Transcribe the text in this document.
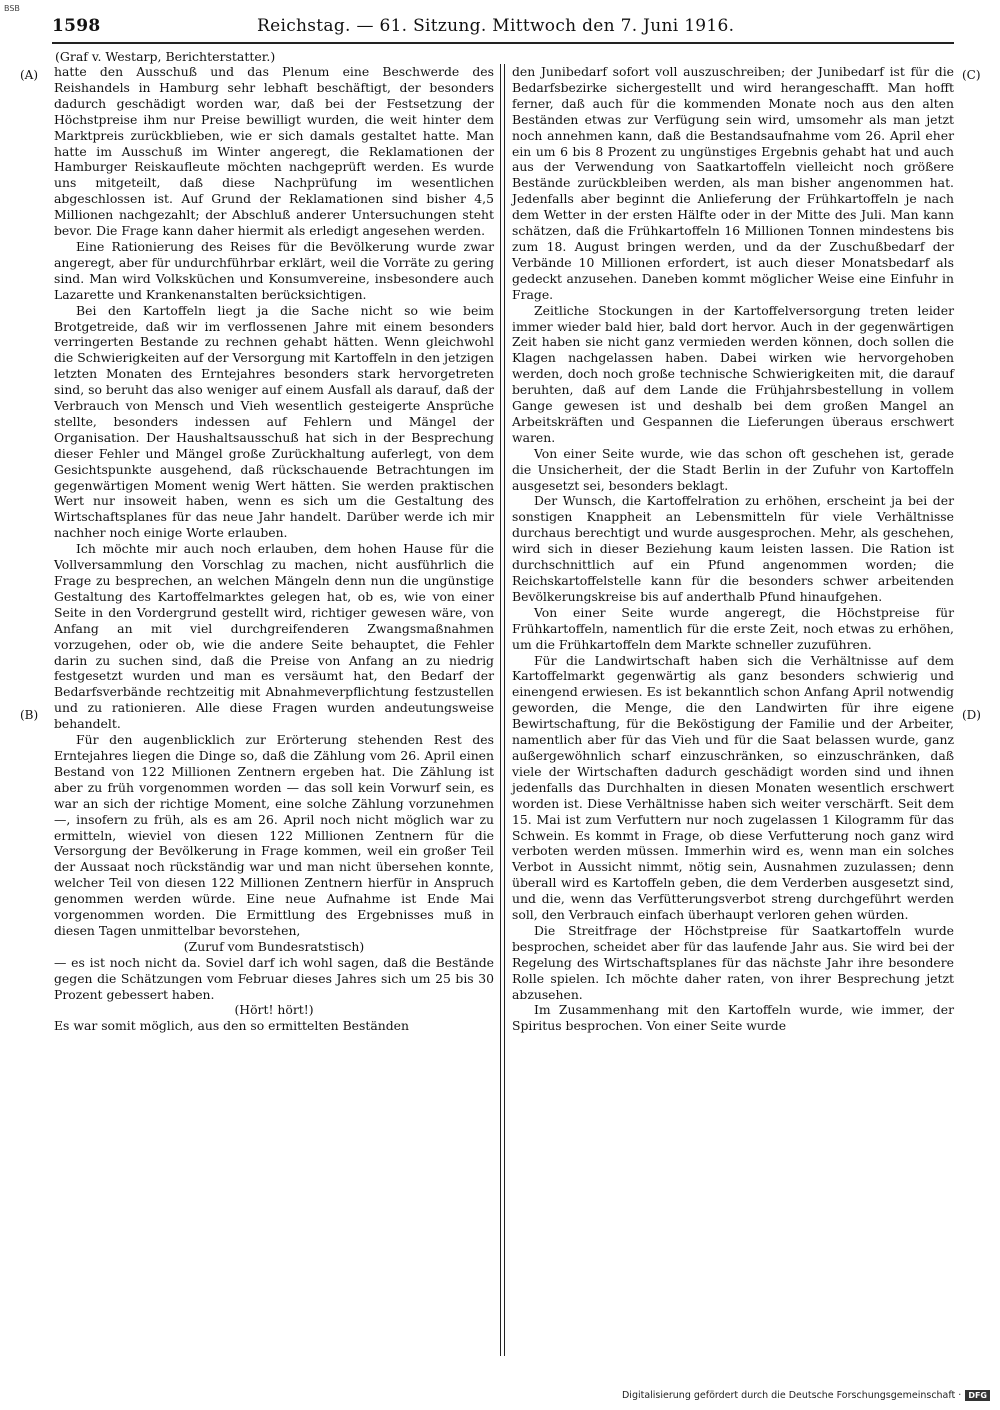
BSB
1598	Reichstag. — 61. Sitzung. Mittwoch den 7. Juni 1916.
(Graf v. Westarp, Berichterstatter.)
(A)
(B)
(C)
(D)

hatte den Ausschuß und das Plenum eine Beschwerde des Reishandels in Hamburg sehr lebhaft beschäftigt, der besonders dadurch geschädigt worden war, daß bei der Festsetzung der Höchstpreise ihm nur Preise bewilligt wurden, die weit hinter dem Marktpreis zurückblieben, wie er sich damals gestaltet hatte. Man hatte im Ausschuß im Winter angeregt, die Reklamationen der Hamburger Reiskaufleute möchten nachgeprüft werden. Es wurde uns mitgeteilt, daß diese Nachprüfung im wesentlichen abgeschlossen ist. Auf Grund der Reklamationen sind bisher 4,5 Millionen nachgezahlt; der Abschluß anderer Untersuchungen steht bevor. Die Frage kann daher hiermit als erledigt angesehen werden.

Eine Rationierung des Reises für die Bevölkerung wurde zwar angeregt, aber für undurchführbar erklärt, weil die Vorräte zu gering sind. Man wird Volksküchen und Konsumvereine, insbesondere auch Lazarette und Krankenanstalten berücksichtigen.

Bei den Kartoffeln liegt ja die Sache nicht so wie beim Brotgetreide, daß wir im verflossenen Jahre mit einem besonders verringerten Bestande zu rechnen gehabt hätten. Wenn gleichwohl die Schwierigkeiten auf der Versorgung mit Kartoffeln in den jetzigen letzten Monaten des Erntejahres besonders stark hervorgetreten sind, so beruht das also weniger auf einem Ausfall als darauf, daß der Verbrauch von Mensch und Vieh wesentlich gesteigerte Ansprüche stellte, besonders indessen auf Fehlern und Mängel der Organisation. Der Haushaltsausschuß hat sich in der Besprechung dieser Fehler und Mängel große Zurückhaltung auferlegt, von dem Gesichtspunkte ausgehend, daß rückschauende Betrachtungen im gegenwärtigen Moment wenig Wert hätten. Sie werden praktischen Wert nur insoweit haben, wenn es sich um die Gestaltung des Wirtschaftsplanes für das neue Jahr handelt. Darüber werde ich mir nachher noch einige Worte erlauben.

Ich möchte mir auch noch erlauben, dem hohen Hause für die Vollversammlung den Vorschlag zu machen, nicht ausführlich die Frage zu besprechen, an welchen Mängeln denn nun die ungünstige Gestaltung des Kartoffelmarktes gelegen hat, ob es, wie von einer Seite in den Vordergrund gestellt wird, richtiger gewesen wäre, von Anfang an mit viel durchgreifenderen Zwangsmaßnahmen vorzugehen, oder ob, wie die andere Seite behauptet, die Fehler darin zu suchen sind, daß die Preise von Anfang an zu niedrig festgesetzt wurden und man es versäumt hat, den Bedarf der Bedarfsverbände rechtzeitig mit Abnahmeverpflichtung festzustellen und zu rationieren. Alle diese Fragen wurden andeutungsweise behandelt.

Für den augenblicklich zur Erörterung stehenden Rest des Erntejahres liegen die Dinge so, daß die Zählung vom 26. April einen Bestand von 122 Millionen Zentnern ergeben hat. Die Zählung ist aber zu früh vorgenommen worden — das soll kein Vorwurf sein, es war an sich der richtige Moment, eine solche Zählung vorzunehmen —, insofern zu früh, als es am 26. April noch nicht möglich war zu ermitteln, wieviel von diesen 122 Millionen Zentnern für die Versorgung der Bevölkerung in Frage kommen, weil ein großer Teil der Aussaat noch rückständig war und man nicht übersehen konnte, welcher Teil von diesen 122 Millionen Zentnern hierfür in Anspruch genommen werden würde. Eine neue Aufnahme ist Ende Mai vorgenommen worden. Die Ermittlung des Ergebnisses muß in diesen Tagen unmittelbar bevorstehen,

(Zuruf vom Bundesratstisch)

— es ist noch nicht da. Soviel darf ich wohl sagen, daß die Bestände gegen die Schätzungen vom Februar dieses Jahres sich um 25 bis 30 Prozent gebessert haben.

(Hört! hört!)

Es war somit möglich, aus den so ermittelten Beständen

den Junibedarf sofort voll auszuschreiben; der Junibedarf ist für die Bedarfsbezirke sichergestellt und wird herangeschafft. Man hofft ferner, daß auch für die kommenden Monate noch aus den alten Beständen etwas zur Verfügung sein wird, umsomehr als man jetzt noch annehmen kann, daß die Bestandsaufnahme vom 26. April eher ein um 6 bis 8 Prozent zu ungünstiges Ergebnis gehabt hat und auch aus der Verwendung von Saatkartoffeln vielleicht noch größere Bestände zurückbleiben werden, als man bisher angenommen hat. Jedenfalls aber beginnt die Anlieferung der Frühkartoffeln je nach dem Wetter in der ersten Hälfte oder in der Mitte des Juli. Man kann schätzen, daß die Frühkartoffeln 16 Millionen Tonnen mindestens bis zum 18. August bringen werden, und da der Zuschußbedarf der Verbände 10 Millionen erfordert, ist auch dieser Monatsbedarf als gedeckt anzusehen. Daneben kommt möglicher Weise eine Einfuhr in Frage.

Zeitliche Stockungen in der Kartoffelversorgung treten leider immer wieder bald hier, bald dort hervor. Auch in der gegenwärtigen Zeit haben sie nicht ganz vermieden werden können, doch sollen die Klagen nachgelassen haben. Dabei wirken wie hervorgehoben werden, doch noch große technische Schwierigkeiten mit, die darauf beruhten, daß auf dem Lande die Frühjahrsbestellung in vollem Gange gewesen ist und deshalb bei dem großen Mangel an Arbeitskräften und Gespannen die Lieferungen überaus erschwert waren.

Von einer Seite wurde, wie das schon oft geschehen ist, gerade die Unsicherheit, der die Stadt Berlin in der Zufuhr von Kartoffeln ausgesetzt sei, besonders beklagt.

Der Wunsch, die Kartoffelration zu erhöhen, erscheint ja bei der sonstigen Knappheit an Lebensmitteln für viele Verhältnisse durchaus berechtigt und wurde ausgesprochen. Mehr, als geschehen, wird sich in dieser Beziehung kaum leisten lassen. Die Ration ist durchschnittlich auf ein Pfund angenommen worden; die Reichskartoffelstelle kann für die besonders schwer arbeitenden Bevölkerungskreise bis auf anderthalb Pfund hinaufgehen.

Von einer Seite wurde angeregt, die Höchstpreise für Frühkartoffeln, namentlich für die erste Zeit, noch etwas zu erhöhen, um die Frühkartoffeln dem Markte schneller zuzuführen.

Für die Landwirtschaft haben sich die Verhältnisse auf dem Kartoffelmarkt gegenwärtig als ganz besonders schwierig und einengend erwiesen. Es ist bekanntlich schon Anfang April notwendig geworden, die Menge, die den Landwirten für ihre eigene Bewirtschaftung, für die Beköstigung der Familie und der Arbeiter, namentlich aber für das Vieh und für die Saat belassen wurde, ganz außergewöhnlich scharf einzuschränken, so einzuschränken, daß viele der Wirtschaften dadurch geschädigt worden sind und ihnen jedenfalls das Durchhalten in diesen Monaten wesentlich erschwert worden ist. Diese Verhältnisse haben sich weiter verschärft. Seit dem 15. Mai ist zum Verfuttern nur noch zugelassen 1 Kilogramm für das Schwein. Es kommt in Frage, ob diese Verfutterung noch ganz wird verboten werden müssen. Immerhin wird es, wenn man ein solches Verbot in Aussicht nimmt, nötig sein, Ausnahmen zuzulassen; denn überall wird es Kartoffeln geben, die dem Verderben ausgesetzt sind, und die, wenn das Verfütterungsverbot streng durchgeführt werden soll, den Verbrauch einfach überhaupt verloren gehen würden.

Die Streitfrage der Höchstpreise für Saatkartoffeln wurde besprochen, scheidet aber für das laufende Jahr aus. Sie wird bei der Regelung des Wirtschaftsplanes für das nächste Jahr ihre besondere Rolle spielen. Ich möchte daher raten, von ihrer Besprechung jetzt abzusehen.

Im Zusammenhang mit den Kartoffeln wurde, wie immer, der Spiritus besprochen. Von einer Seite wurde

Digitalisierung gefördert durch die Deutsche Forschungsgemeinschaft · DFG
